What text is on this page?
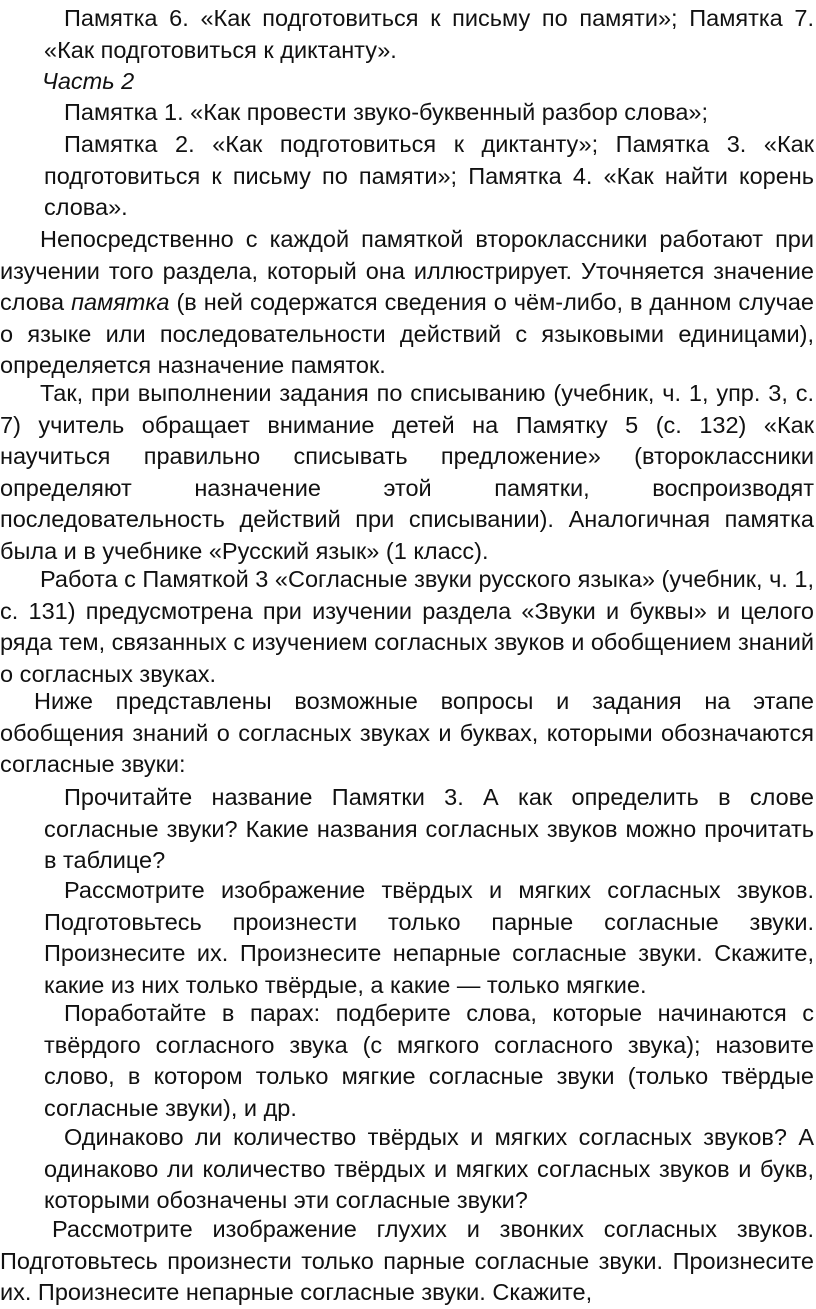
Памятка 6. «Как подготовиться к письму по памяти»; Памятка 7. «Как подготовиться к диктанту».

Часть 2

Памятка 1. «Как провести звуко-буквенный разбор слова»;

Памятка 2. «Как подготовиться к диктанту»; Памятка 3. «Как подготовиться к письму по памяти»; Памятка 4. «Как найти корень слова».

Непосредственно с каждой памяткой второклассники работают при изучении того раздела, который она иллюстрирует. Уточняется значение слова памятка (в ней содержатся сведения о чём-либо, в данном случае о языке или последовательности действий с языковыми единицами), определяется назначение памяток.

Так, при выполнении задания по списыванию (учебник, ч. 1, упр. 3, с. 7) учитель обращает внимание детей на Памятку 5 (с. 132) «Как научиться правильно списывать предложение» (второклассники определяют назначение этой памятки, воспроизводят последовательность действий при списывании). Аналогичная памятка была и в учебнике «Русский язык» (1 класс).

Работа с Памяткой 3 «Согласные звуки русского языка» (учебник, ч. 1, с. 131) предусмотрена при изучении раздела «Звуки и буквы» и целого ряда тем, связанных с изучением согласных звуков и обобщением знаний о согласных звуках.

Ниже представлены возможные вопросы и задания на этапе обобщения знаний о согласных звуках и буквах, которыми обозначаются согласные звуки:

Прочитайте название Памятки 3. А как определить в слове согласные звуки? Какие названия согласных звуков можно прочитать в таблице?

Рассмотрите изображение твёрдых и мягких согласных звуков. Подготовьтесь произнести только парные согласные звуки. Произнесите их. Произнесите непарные согласные звуки. Скажите, какие из них только твёрдые, а какие — только мягкие.

Поработайте в парах: подберите слова, которые начинаются с твёрдого согласного звука (с мягкого согласного звука); назовите слово, в котором только мягкие согласные звуки (только твёрдые согласные звуки), и др.

Одинаково ли количество твёрдых и мягких согласных звуков? А одинаково ли количество твёрдых и мягких согласных звуков и букв, которыми обозначены эти согласные звуки?

Рассмотрите изображение глухих и звонких согласных звуков. Подготовьтесь произнести только парные согласные звуки. Произнесите их. Произнесите непарные согласные звуки. Скажите,
